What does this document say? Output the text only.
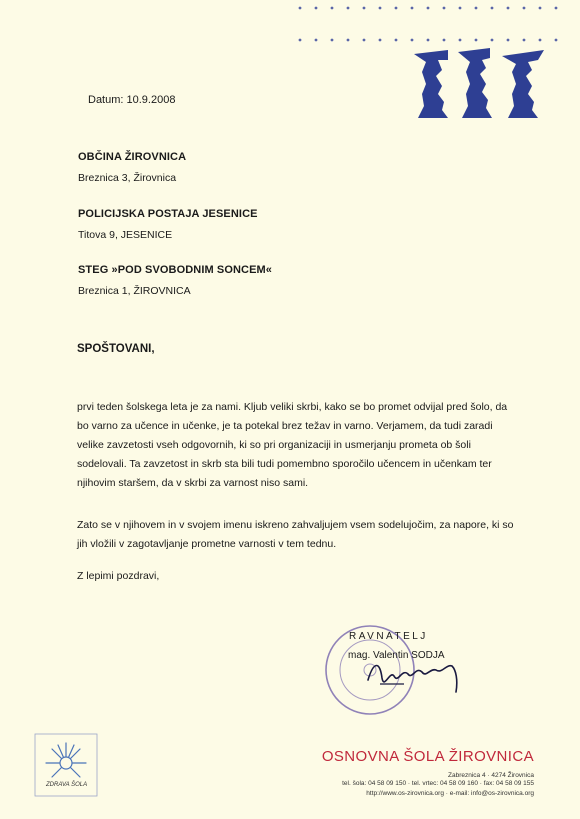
Datum: 10.9.2008
OBČINA ŽIROVNICA
Breznica 3, Žirovnica
POLICIJSKA POSTAJA JESENICE
Titova 9, JESENICE
STEG »POD SVOBODNIM SONCEM«
Breznica 1, ŽIROVNICA
SPOŠTOVANI,
prvi teden šolskega leta je za nami. Kljub veliki skrbi, kako se bo promet odvijal pred šolo, da bo varno za učence in učenke, je ta potekal brez težav in varno. Verjamem, da tudi zaradi velike zavzetosti vseh odgovornih, ki so pri organizaciji in usmerjanju prometa ob šoli sodelovali. Ta zavzetost in skrb sta bili tudi pomembno sporočilo učencem in učenkam ter njihovim staršem, da v skrbi za varnost niso sami.
Zato se v njihovem in v svojem imenu iskreno zahvaljujem vsem sodelujočim, za napore, ki so jih vložili v zagotavljanje prometne varnosti v tem tednu.
Z lepimi pozdravi,
RAVNATELJ
mag. Valentin SODJA
ZDRAVA ŠOLA
OSNOVNA ŠOLA ŽIROVNICA
Zabreznica 4 · 4274 Žirovnica
tel. šola: 04 58 09 150 · tel. vrtec: 04 58 09 160 · fax: 04 58 09 155
http://www.os-zirovnica.org · e-mail: info@os-zirovnica.org
